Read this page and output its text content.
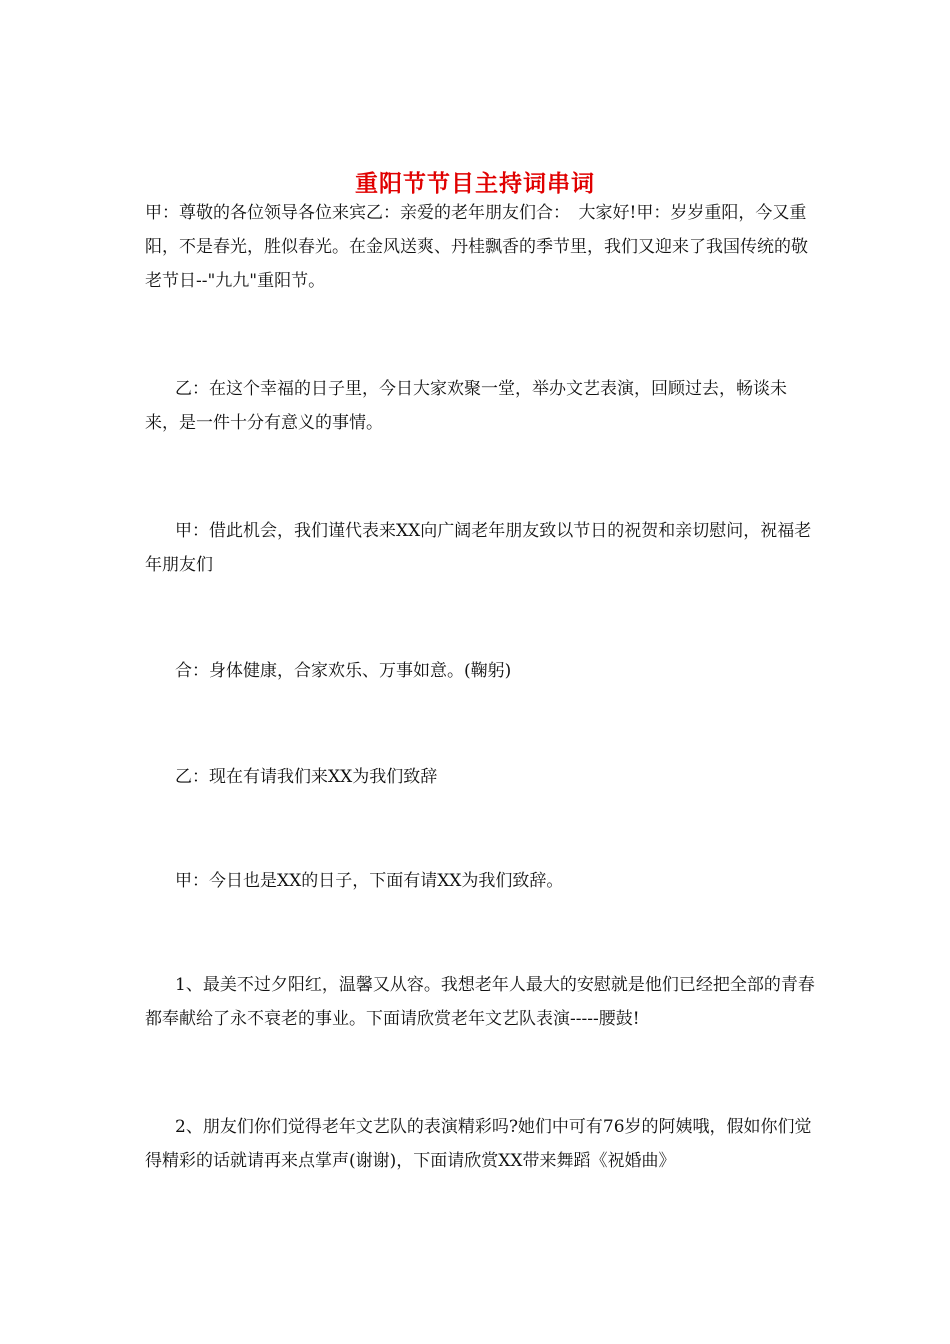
重阳节节目主持词串词

甲：尊敬的各位领导各位来宾乙：亲爱的老年朋友们合：　大家好!甲：岁岁重阳，今又重阳，不是春光，胜似春光。在金风送爽、丹桂飘香的季节里，我们又迎来了我国传统的敬老节日--"九九"重阳节。

乙：在这个幸福的日子里，今日大家欢聚一堂，举办文艺表演，回顾过去，畅谈未来，是一件十分有意义的事情。

甲：借此机会，我们谨代表来XX向广阔老年朋友致以节日的祝贺和亲切慰问，祝福老年朋友们

合：身体健康，合家欢乐、万事如意。(鞠躬)

乙：现在有请我们来XX为我们致辞

甲：今日也是XX的日子，下面有请XX为我们致辞。

1、最美不过夕阳红，温馨又从容。我想老年人最大的安慰就是他们已经把全部的青春都奉献给了永不衰老的事业。下面请欣赏老年文艺队表演-----腰鼓!

2、朋友们你们觉得老年文艺队的表演精彩吗?她们中可有76岁的阿姨哦，假如你们觉得精彩的话就请再来点掌声(谢谢)，下面请欣赏XX带来舞蹈《祝婚曲》
